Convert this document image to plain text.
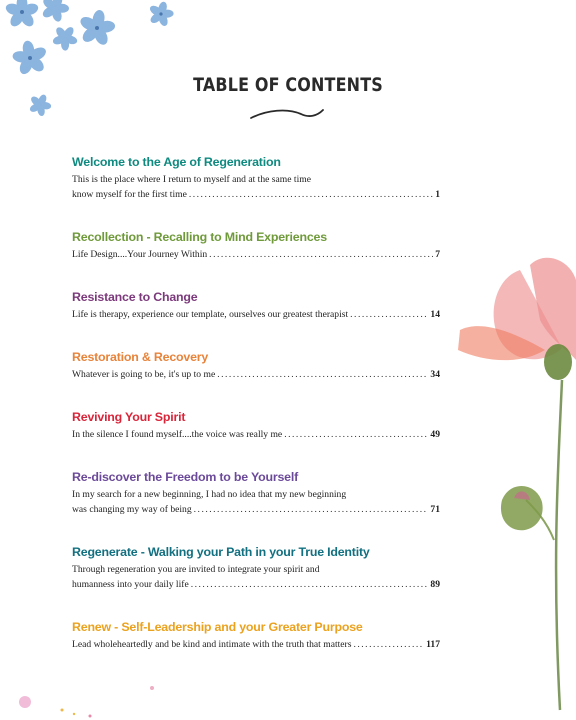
TABLE OF CONTENTS
Welcome to the Age of Regeneration
This is the place where I return to myself and at the same time
know myself for the first time .....	1
Recollection - Recalling to Mind Experiences
Life Design....Your Journey Within .....	7
Resistance to Change
Life is therapy, experience our template, ourselves our greatest therapist .....	14
Restoration & Recovery
Whatever is going to be, it's up to me .....	34
Reviving Your Spirit
In the silence I found myself....the voice was really me .....	49
Re-discover the Freedom to be Yourself
In my search for a new beginning, I had no idea that my new beginning
was changing my way of being .....	71
Regenerate - Walking your Path in your True Identity
Through regeneration you are invited to integrate your spirit and
humanness into your daily life .....	89
Renew - Self-Leadership and your Greater Purpose
Lead wholeheartedly and be kind and intimate with the truth that matters .....	117
